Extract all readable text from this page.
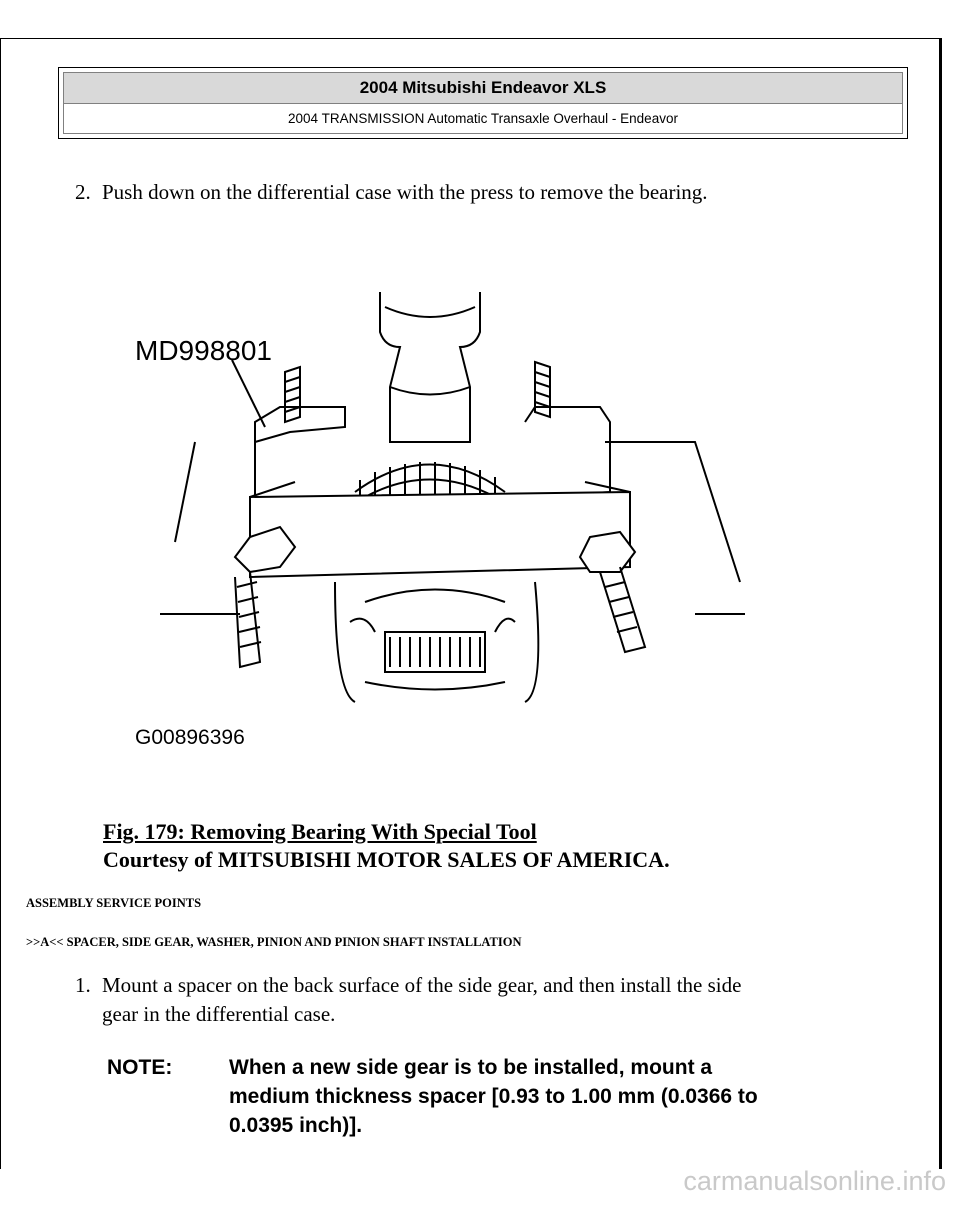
2004 Mitsubishi Endeavor XLS
2004 TRANSMISSION Automatic Transaxle Overhaul - Endeavor
2. Push down on the differential case with the press to remove the bearing.
MD998801
G00896396
Fig. 179: Removing Bearing With Special Tool
Courtesy of MITSUBISHI MOTOR SALES OF AMERICA.
ASSEMBLY SERVICE POINTS
>>A<< SPACER, SIDE GEAR, WASHER, PINION AND PINION SHAFT INSTALLATION
1. Mount a spacer on the back surface of the side gear, and then install the side
gear in the differential case.
NOTE:	When a new side gear is to be installed, mount a
medium thickness spacer [0.93 to 1.00 mm (0.0366 to
0.0395 inch)].
carmanualsonline.info
